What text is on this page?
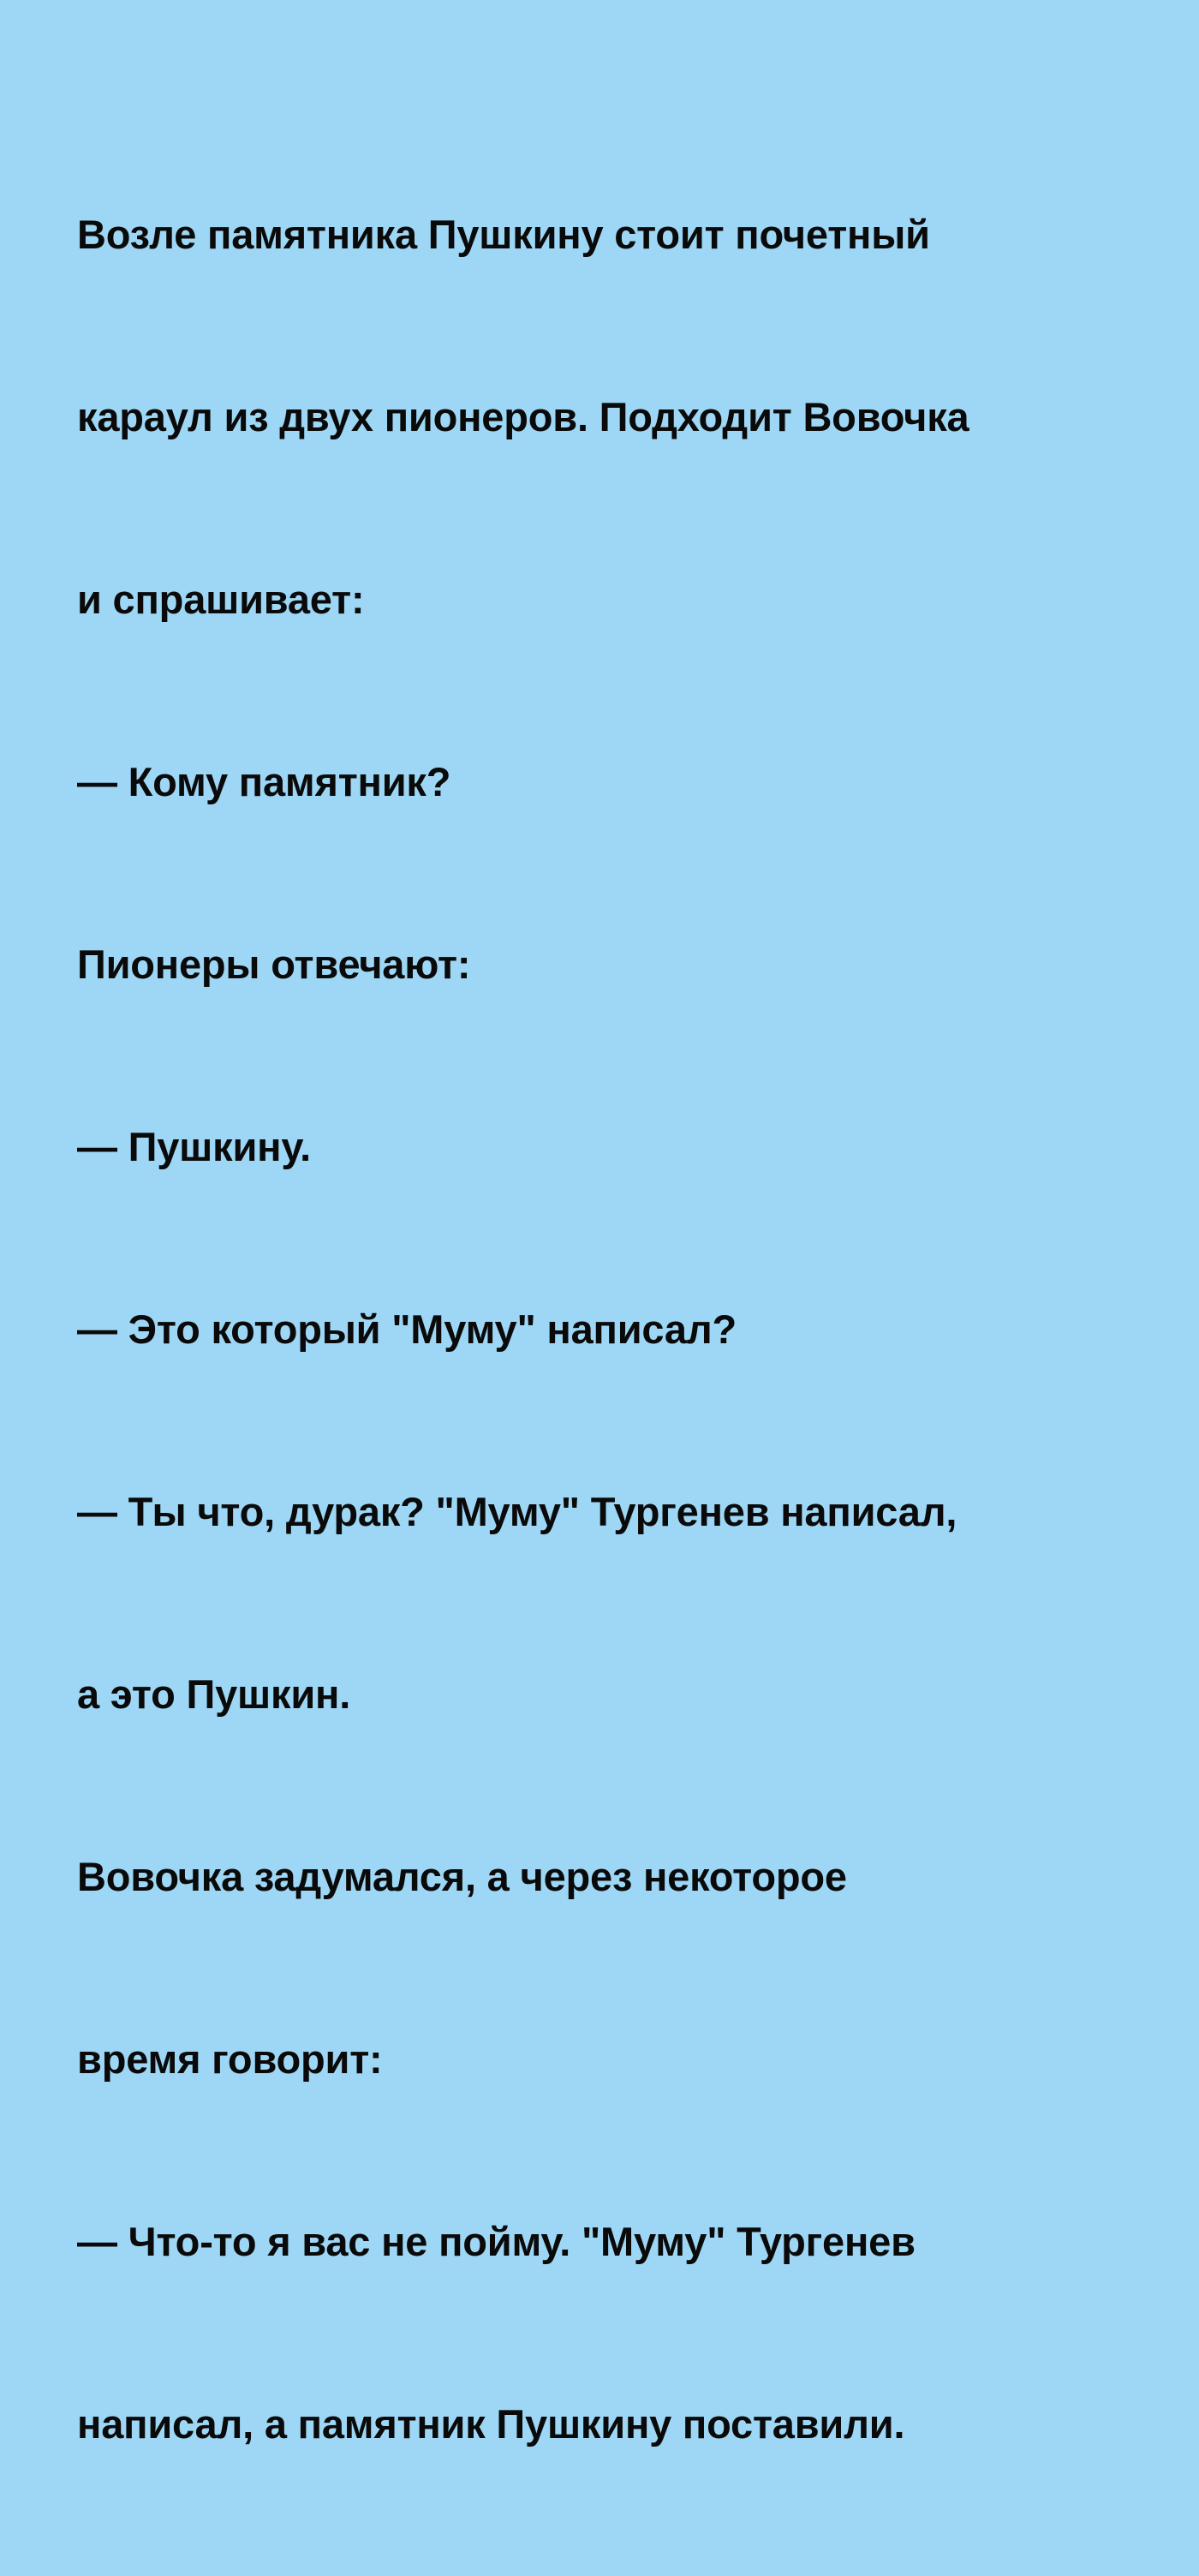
Возле памятника Пушкину стоит почетный

караул из двух пионеров. Подходит Вовочка

и спрашивает:

— Кому памятник?

Пионеры отвечают:

— Пушкину.

— Это который "Муму" написал?

— Ты что, дурак? "Муму" Тургенев написал,

а это Пушкин.

Вовочка задумался, а через некоторое

время говорит:

— Что-то я вас не пойму. "Муму" Тургенев

написал, а памятник Пушкину поставили.
